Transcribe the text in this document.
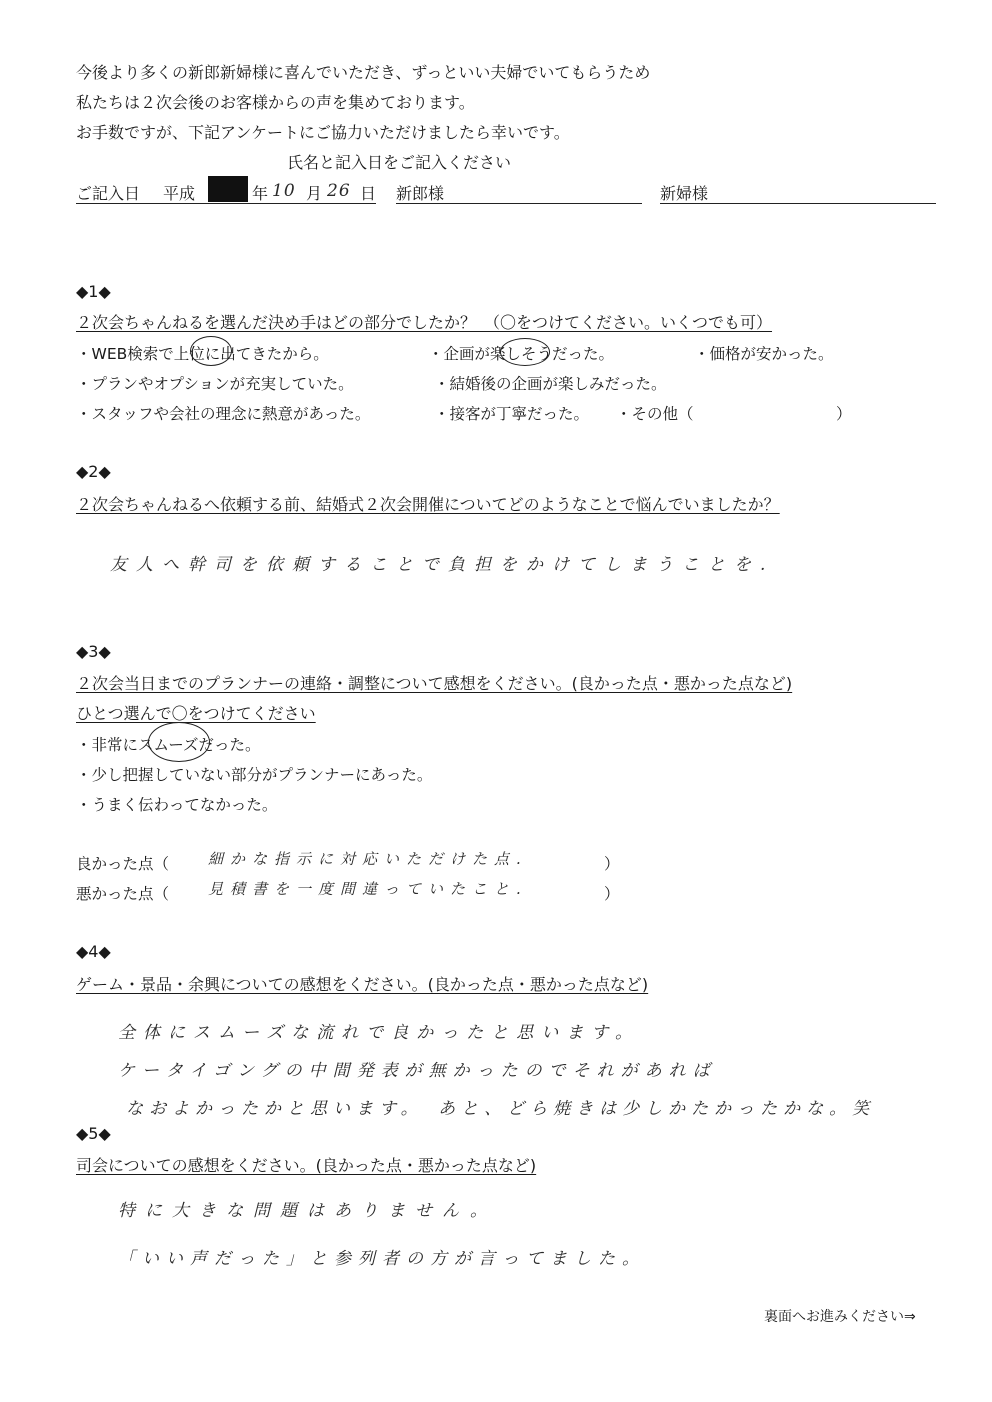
今後より多くの新郎新婦様に喜んでいただき、ずっといい夫婦でいてもらうため
私たちは２次会後のお客様からの声を集めております。
お手数ですが、下記アンケートにご協力いただけましたら幸いです。
氏名と記入日をご記入ください
ご記入日 平成	年 10 月 26 日 新郎様	新婦様
◆1◆
２次会ちゃんねるを選んだ決め手はどの部分でしたか？　（〇をつけてください。いくつでも可）
・WEB検索で上位に出てきたから。	・企画が楽しそうだった。	・価格が安かった。
・プランやオプションが充実していた。	・結婚後の企画が楽しみだった。
・スタッフや会社の理念に熱意があった。	・接客が丁寧だった。 ・その他（	）
◆2◆
２次会ちゃんねるへ依頼する前、結婚式２次会開催についてどのようなことで悩んでいましたか？
友人へ幹司を依頼することで負担をかけてしまうことを.
◆3◆
２次会当日までのプランナーの連絡・調整について感想をください。(良かった点・悪かった点など)
ひとつ選んで〇をつけてください
・非常にスムーズだった。
・少し把握していない部分がプランナーにあった。
・うまく伝わってなかった。
良かった点（	細かな指示に対応いただけた点.	）
悪かった点（	見積書を一度間違っていたこと.	）
◆4◆
ゲーム・景品・余興についての感想をください。(良かった点・悪かった点など)
全体にスムーズな流れで良かったと思います。
ケータイゴングの中間発表が無かったのでそれがあれば
なおよかったかと思います。　あと、どら焼きは少しかたかったかな。笑
◆5◆
司会についての感想をください。(良かった点・悪かった点など)
特に大きな問題はありません。
「いい声だった」と参列者の方が言ってました。
裏面へお進みください⇒
